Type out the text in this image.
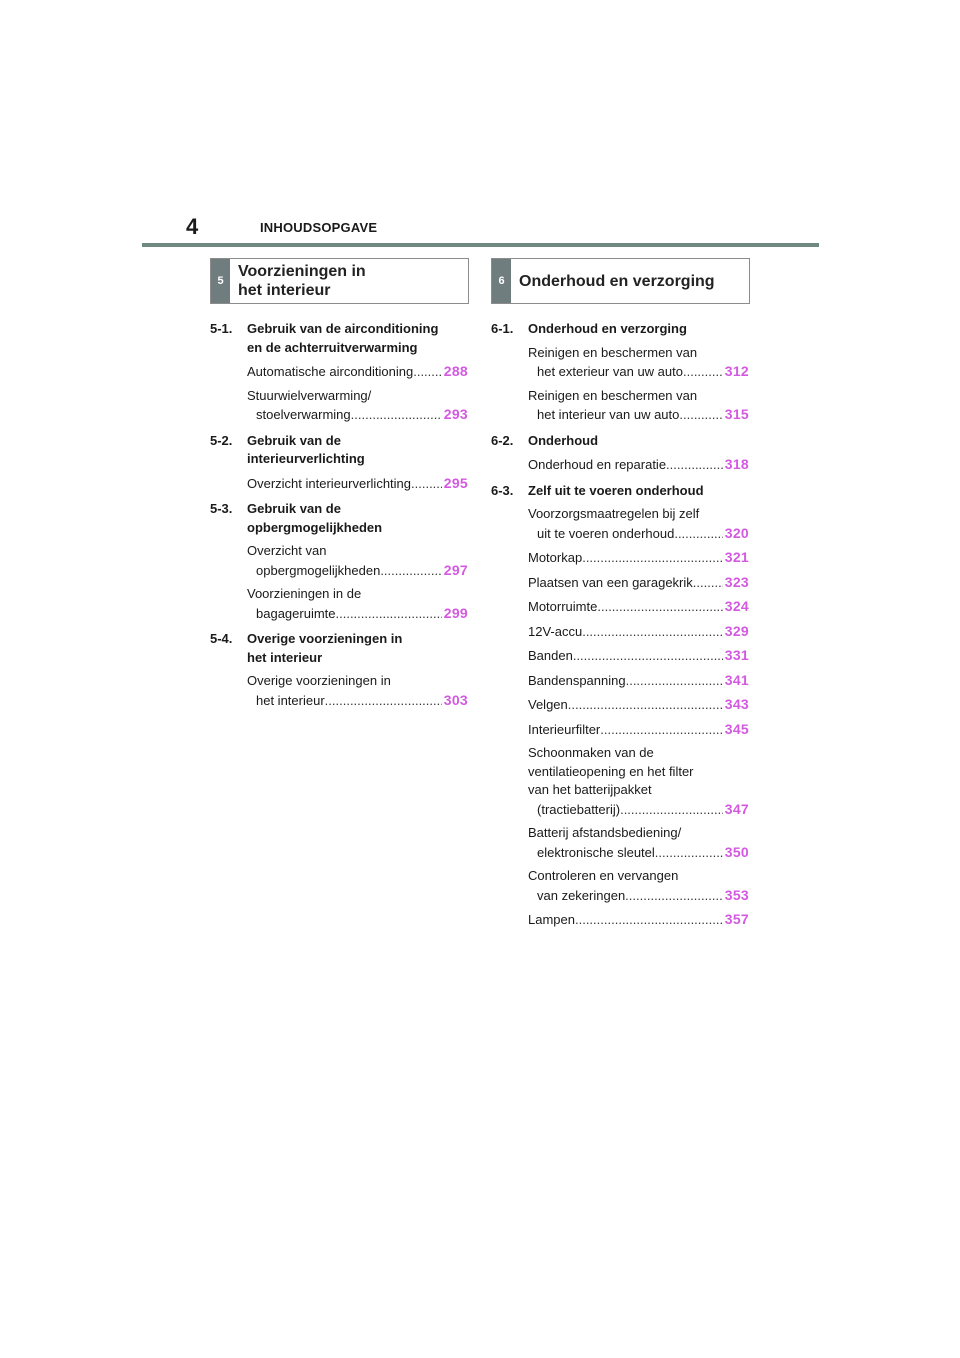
4	INHOUDSOPGAVE
5
Voorzieningen in
het interieur
6 Onderhoud en verzorging
5-1.	Gebruik van de airconditioning
en de achterruitverwarming
Automatische airconditioning ..... 288
Stuurwielverwarming/
stoelverwarming .....	293
5-2.	Gebruik van de
interieurverlichting
Overzicht interieurverlichting ..... 295
5-3.	Gebruik van de
opbergmogelijkheden
Overzicht van
opbergmogelijkheden .....	297
Voorzieningen in de
bagageruimte .....	299
5-4.	Overige voorzieningen in
het interieur
Overige voorzieningen in
het interieur .....	303
6-1.	Onderhoud en verzorging
Reinigen en beschermen van
het exterieur van uw auto .....	312
Reinigen en beschermen van
het interieur van uw auto .....	315
6-2.	Onderhoud
Onderhoud en reparatie .....	318
6-3.	Zelf uit te voeren onderhoud
Voorzorgsmaatregelen bij zelf
uit te voeren onderhoud .....	320
Motorkap .....	321
Plaatsen van een garagekrik ..... 323
Motorruimte .....	324
12V-accu .....	329
Banden .....	331
Bandenspanning .....	341
Velgen .....	343
Interieurfilter .....	345
Schoonmaken van de
ventilatieopening en het filter
van het batterijpakket
(tractiebatterij) .....	347
Batterij afstandsbediening/
elektronische sleutel .....	350
Controleren en vervangen
van zekeringen .....	353
Lampen .....	357
